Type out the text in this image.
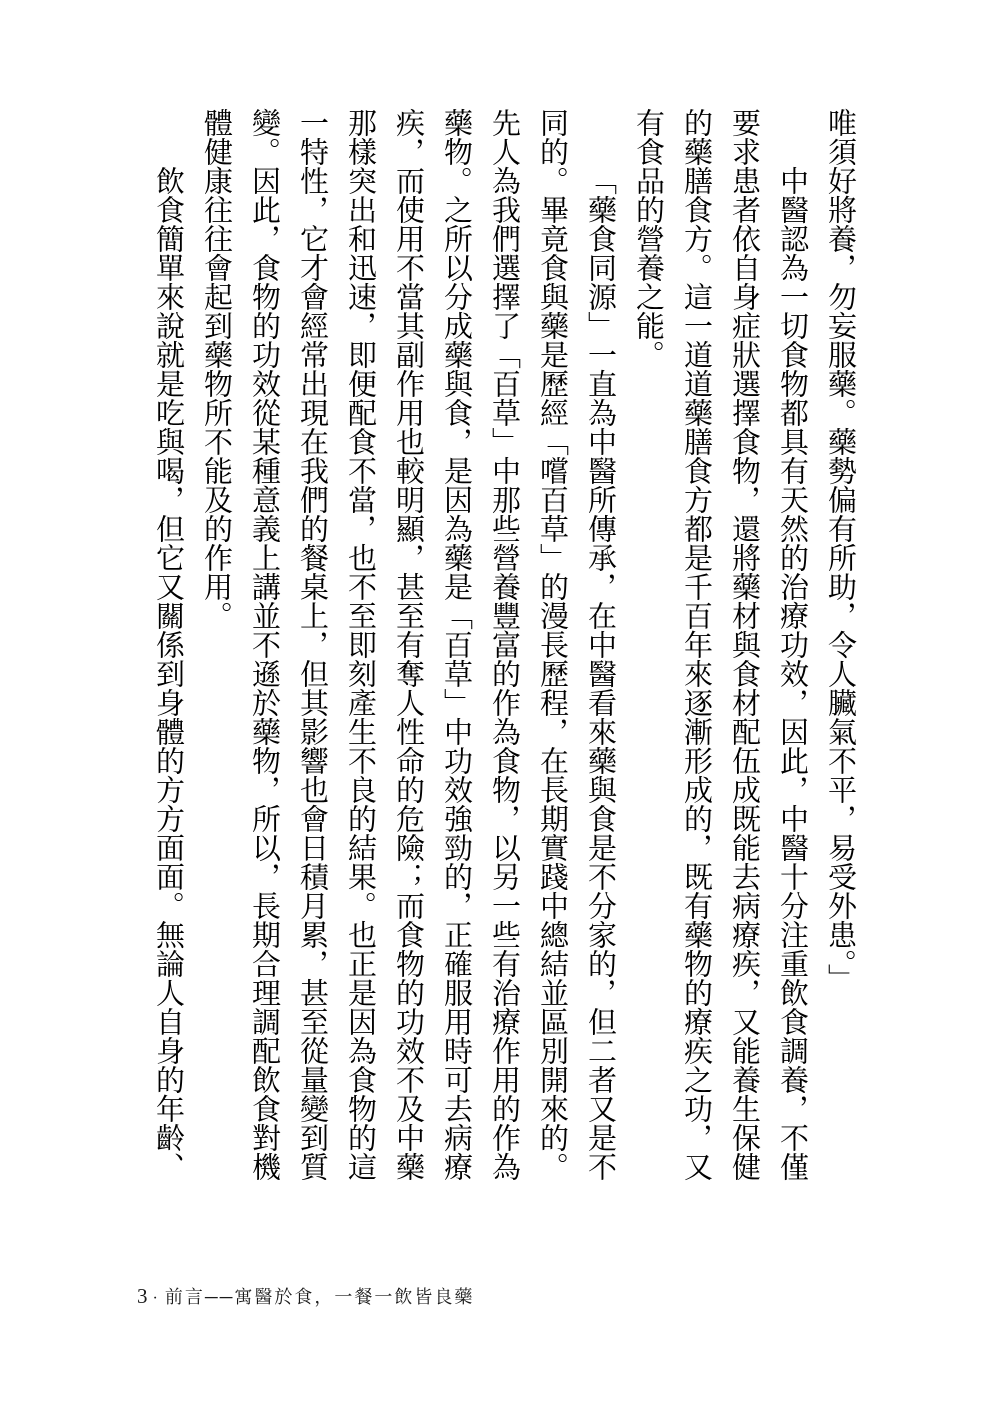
唯須好將養，勿妄服藥。藥勢偏有所助，令人臟氣不平，易受外患。」

中醫認為一切食物都具有天然的治療功效，因此，中醫十分注重飲食調養，不僅要求患者依自身症狀選擇食物，還將藥材與食材配伍成既能去病療疾，又能養生保健的藥膳食方。這一道道藥膳食方都是千百年來逐漸形成的，既有藥物的療疾之功，又有食品的營養之能。

「藥食同源」一直為中醫所傳承，在中醫看來藥與食是不分家的，但二者又是不同的。畢竟食與藥是歷經「嚐百草」的漫長歷程，在長期實踐中總結並區別開來的。先人為我們選擇了「百草」中那些營養豐富的作為食物，以另一些有治療作用的作為藥物。之所以分成藥與食，是因為藥是「百草」中功效強勁的，正確服用時可去病療疾，而使用不當其副作用也較明顯，甚至有奪人性命的危險；而食物的功效不及中藥那樣突出和迅速，即便配食不當，也不至即刻產生不良的結果。也正是因為食物的這一特性，它才會經常出現在我們的餐桌上，但其影響也會日積月累，甚至從量變到質變。因此，食物的功效從某種意義上講並不遜於藥物，所以，長期合理調配飲食對機體健康往往會起到藥物所不能及的作用。

飲食簡單來說就是吃與喝，但它又關係到身體的方方面面。無論人自身的年齡、

3 · 前言──寓醫於食，一餐一飲皆良藥
